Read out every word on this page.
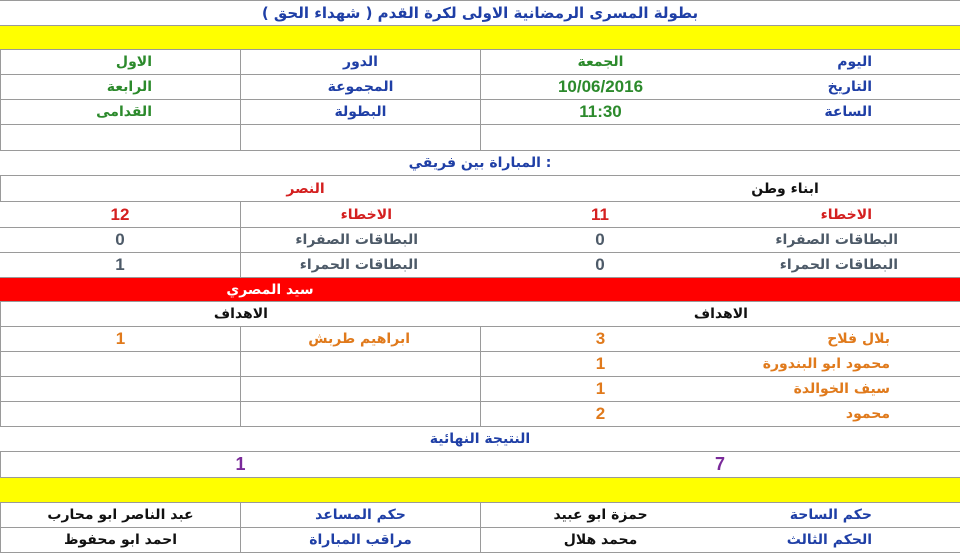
بطولة المسرى الرمضانية الاولى لكرة القدم ( شهداء الحق )
اليوم
الجمعة
الدور
الاول
التاريخ
10/06/2016
المجموعة
الرابعة
الساعة
11:30
البطولة
القدامى
المباراة بين فريقي :
ابناء وطن
النصر
الاخطاء
11
الاخطاء
12
البطاقات الصفراء
0
البطاقات الصفراء
0
البطاقات الحمراء
0
البطاقات الحمراء
1
سيد المصري
الاهداف
الاهداف
بلال فلاح
3
ابراهيم طربش
1
محمود ابو البندورة
1
سيف الخوالدة
1
محمود
2
النتيجة النهائية
7
1
حكم الساحة
حمزة ابو عبيد
حكم المساعد
عبد الناصر ابو محارب
الحكم الثالث
محمد هلال
مراقب المباراة
احمد ابو محفوظ
